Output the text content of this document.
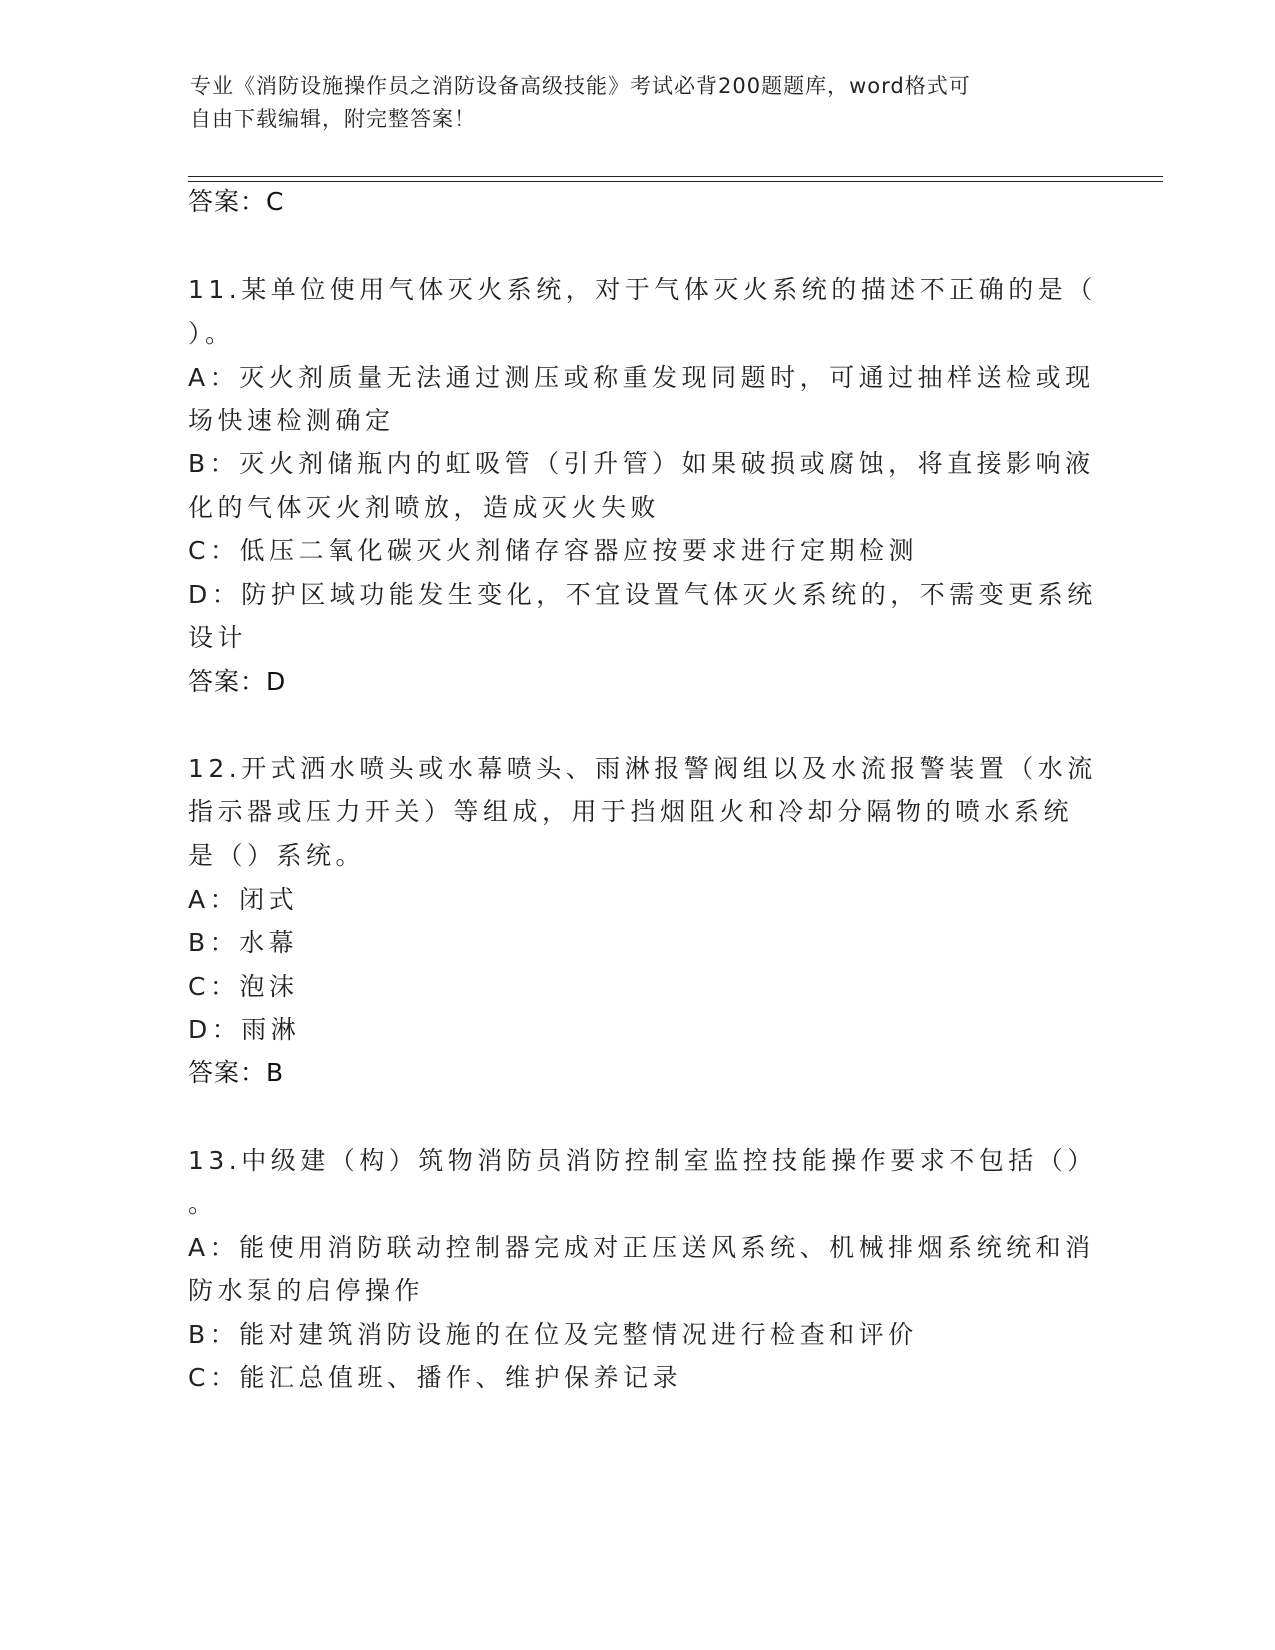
专业《消防设施操作员之消防设备高级技能》考试必背200题题库，word格式可
自由下载编辑，附完整答案！
答案：C
11.某单位使用气体灭火系统，对于气体灭火系统的描述不正确的是（
）。
A：灭火剂质量无法通过测压或称重发现同题时，可通过抽样送检或现
场快速检测确定
B：灭火剂储瓶内的虹吸管（引升管）如果破损或腐蚀，将直接影响液
化的气体灭火剂喷放，造成灭火失败
C：低压二氧化碳灭火剂储存容器应按要求进行定期检测
D：防护区域功能发生变化，不宜设置气体灭火系统的，不需变更系统
设计
答案：D
12.开式洒水喷头或水幕喷头、雨淋报警阀组以及水流报警装置（水流
指示器或压力开关）等组成，用于挡烟阻火和冷却分隔物的喷水系统
是（）系统。
A：闭式
B：水幕
C：泡沫
D：雨淋
答案：B
13.中级建（构）筑物消防员消防控制室监控技能操作要求不包括（）
。
A：能使用消防联动控制器完成对正压送风系统、机械排烟系统统和消
防水泵的启停操作
B：能对建筑消防设施的在位及完整情况进行检查和评价
C：能汇总值班、播作、维护保养记录
